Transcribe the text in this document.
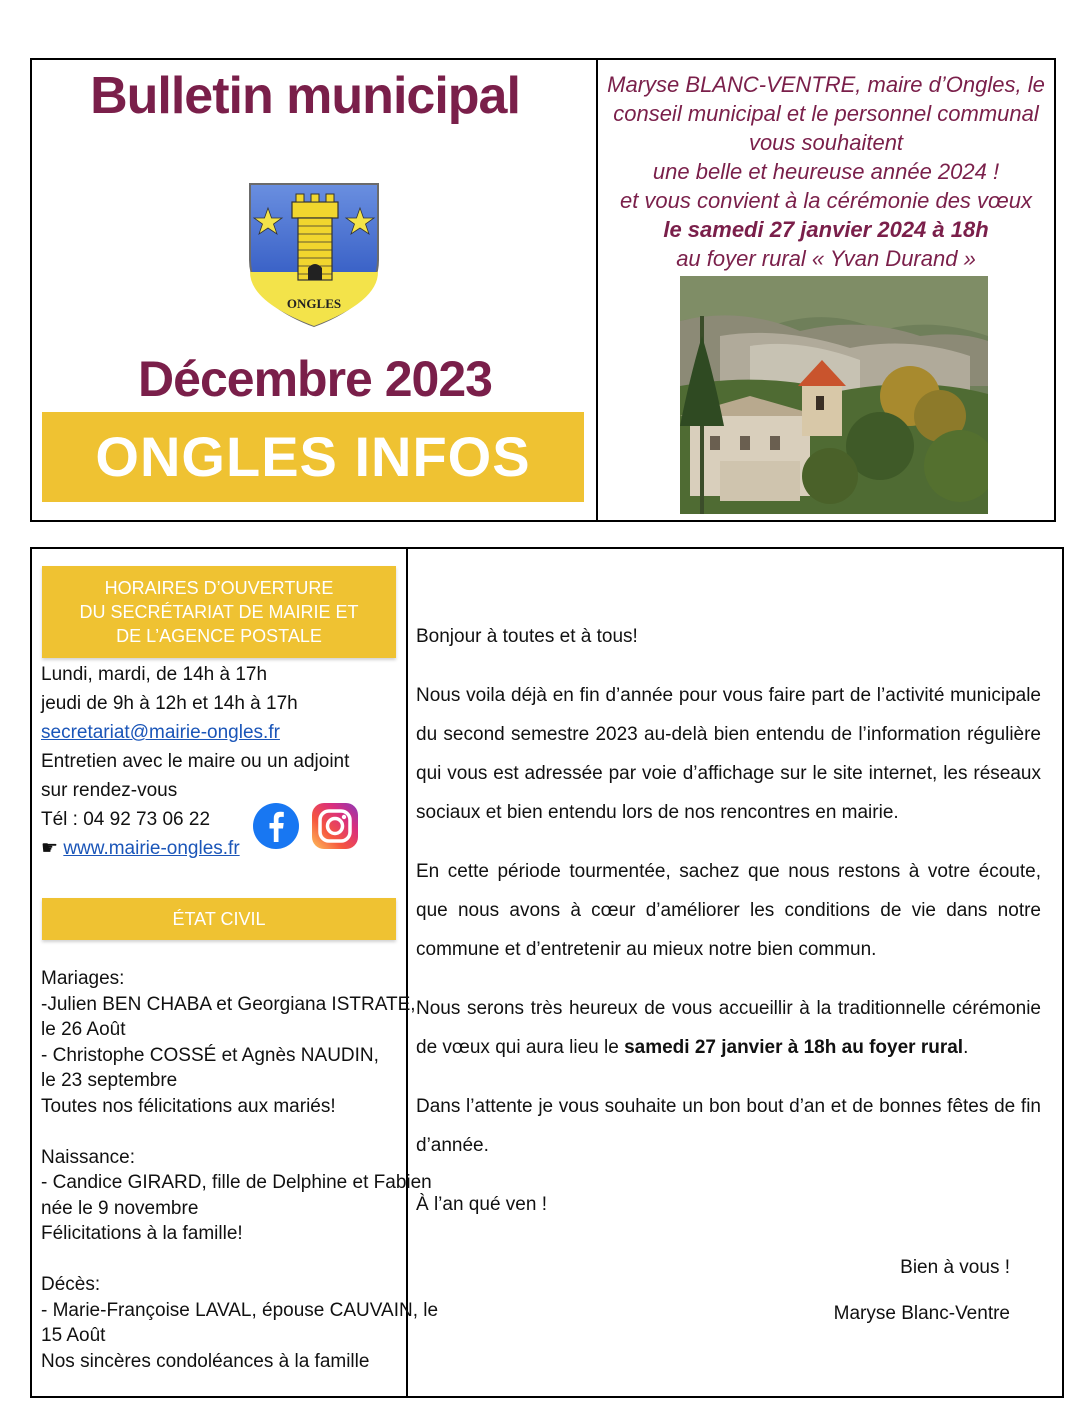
Bulletin municipal
ONGLES
Décembre 2023
ONGLES INFOS
Maryse BLANC-VENTRE, maire d’Ongles, le
conseil municipal et le personnel communal
vous souhaitent
une belle et heureuse année 2024 !
et vous convient à la cérémonie des vœux
le samedi 27 janvier 2024 à 18h
au foyer rural « Yvan Durand »
HORAIRES D’OUVERTURE
DU SECRÉTARIAT DE MAIRIE ET
DE L’AGENCE POSTALE
Lundi, mardi, de 14h à 17h
jeudi de 9h à 12h et 14h à 17h
secretariat@mairie-ongles.fr
Entretien avec le maire ou un adjoint
sur rendez-vous
Tél : 04 92 73 06 22
☛ www.mairie-ongles.fr
ÉTAT CIVIL
Mariages:
-Julien BEN CHABA et Georgiana ISTRATE,
le 26 Août
- Christophe COSSÉ et Agnès NAUDIN,
le 23 septembre
Toutes nos félicitations aux mariés!
Naissance:
- Candice GIRARD, fille de Delphine et Fabien
née le 9 novembre
Félicitations à la famille!
Décès:
- Marie-Françoise LAVAL, épouse CAUVAIN, le
15 Août
Nos sincères condoléances à la famille

Bonjour à toutes et à tous!

Nous voila déjà en fin d’année pour vous faire part de l’activité municipale du second semestre 2023 au-delà bien entendu de l’information régulière qui vous est adressée par voie d’affichage sur le site internet, les réseaux sociaux et bien entendu lors de nos rencontres en mairie.

En cette période tourmentée, sachez que nous restons à votre écoute, que nous avons à cœur d’améliorer les conditions de vie dans notre commune et d’entretenir au mieux notre bien commun.

Nous serons très heureux de vous accueillir à la traditionnelle cérémonie de vœux qui aura lieu le samedi 27 janvier à 18h au foyer rural.

Dans l’attente je vous souhaite un bon bout d’an et de bonnes fêtes de fin d’année.

À l’an qué ven !

Bien à vous !
Maryse Blanc-Ventre
